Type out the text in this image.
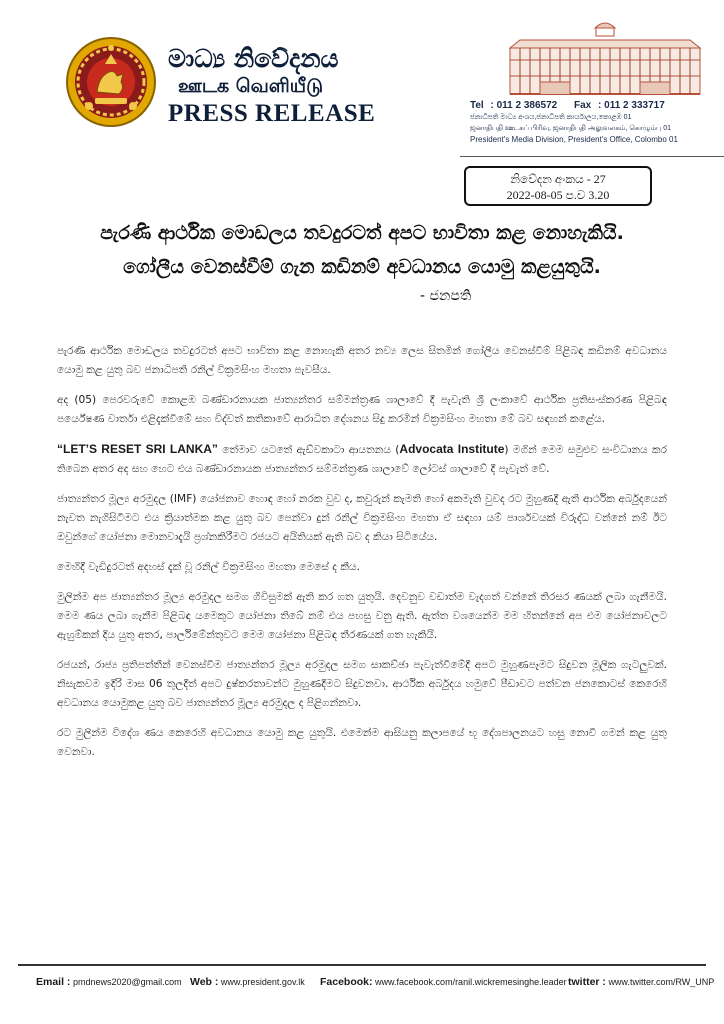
මාධ්‍ය නිවේදනය
ஊடக வெளியீடு
PRESS RELEASE	Tel : 011 2 386572 Fax : 011 2 333717
ජනාධිපති මාධ්‍ය අංශය,ජනාධිපති කාර්යාලය,කොළඹ 01
ஜனாதிபதி ஊடகப் பிரிவு, ஜனாதிபதி அலுவலகம், கொழும்பு 01
President's Media Division, President's Office, Colombo 01
නිවේදන අංකය - 27
2022-08-05 ප.ව 3.20
පැරණි ආර්ථික මොඩලය තවදුරටත් අපට භාවිතා කළ නොහැකියි.
ගෝලීය වෙනස්වීම් ගැන කඩිනම් අවධානය යොමු කළයුතුයි.
- ජනපති

පැරණි ආර්ථික මොඩලය තවදුරටත් අපට භාවිතා කළ නොහැකි අතර නව්‍ය ලෙස සිතමින් ගෝලීය වෙනස්වීම් පිළිබඳ කඩිනම් අවධානය යොමු කළ යුතු බව ජනාධිපති රනිල් වික්‍රමසිංහ මහතා පැවසීය.

අද (05) පෙරවරුවේ කොළඹ බණ්ඩාරනායක ජාත්‍යන්තර සම්මන්ත්‍රණ ශාලාවේ දී පැවැති ශ්‍රී ලංකාවේ ආර්ථික ප්‍රතිසංස්කරණ පිළිබඳ පර්යේෂණ වාර්තා එළිදැක්වීමේ සහ විද්වත් කතිකාවේ ආරාධිත දේශනය සිදු කරමින් වික්‍රමසිංහ මහතා මේ බව සඳහන් කළේය.

“LET’S RESET SRI LANKA” තේමාව යටතේ ඇඩ්වකාටා ආයතනය (Advocata Institute) මගින් මෙම සමුළුව සංවිධානය කර තිබෙන අතර අද සහ හෙට එය බණ්ඩාරනායක ජාත්‍යන්තර සම්මන්ත්‍රණ ශාලාවේ ලෝටස් ශාලාවේ දී පැවැත් වේ.

ජාත්‍යන්තර මූල්‍ය අරමුදල (IMF) යෝජනාව හොඳ හෝ නරක වුව ද, කවුරුන් කැමති හෝ අකමැති වුවද රට මුහුණදී ඇති ආර්ථික අර්බුදයෙන් නැවත නැගිසිටීමට එය ක්‍රියාත්මක කළ යුතු බව පෙන්වා දුන් රනිල් වික්‍රමසිංහ මහතා ඒ සඳහා යම් පාර්ශවයක් විරුද්ධ වන්නේ නම් ඊට ඔවුන්ගේ යෝජනා මොනවාදැයි ප්‍රශ්නකිරීමට රජයට අයිතියක් ඇති බව ද කියා සිටියේය.

මෙහිදී වැඩිදුරටත් අදහස් දැක් වූ රනිල් වික්‍රමසිංහ මහතා මෙසේ ද කීය.

මුලින්ම අප ජාත්‍යන්තර මූල්‍ය අරමුදල සමග ගිවිසුමක් ඇති කර ගත යුතුයි. දෙවනුව වඩාත්ම වැදගත් වන්නේ තිරසර ණයක් ලබා ගැනීමයි. මෙම ණය ලබා ගැනීම පිළිබඳ යමෙකුට යෝජනා තිබේ නම් එය පහසු වනු ඇති. ඇත්ත වශයෙන්ම මම හිතන්නේ අප එම යෝජනාවලට ඇහුම්කන් දිය යුතු අතර, පාර්ලිමේන්තුවට මෙම යෝජනා පිළිබඳ තීරණයක් ගත හැකියි.

රජයන්, රාජ්‍ය ප්‍රතිපත්තීන් වෙනස්වීම ජාත්‍යන්තර මූල්‍ය අරමුදල සමග සාකච්ඡා පැවැත්වීමේදී අපට මුහුණපෑමට සිදුවන මූලික ගැටලුවක්. නිසැකවම ඉදිරි මාස 06 තුලදීත් අපට දුෂ්කරතාවන්ට මුහුණදීමට සිදුවනවා. ආර්ථික අර්බුදය හමුවේ පීඩාවට පත්වන ජනකොටස් කෙරෙහි අවධානය යොමුකළ යුතු බව ජාත්‍යන්තර මූල්‍ය අරමුදල ද පිළිගන්නවා.

රට මුලින්ම විදේශ ණය කෙරෙහි අවධානය යොමු කළ යුතුයි. එමෙන්ම ආසියනු කලාපයේ භූ දේශපාලනයට හසු නොවී ගමන් කළ යුතු වෙනවා.

Email : pmdnews2020@gmail.com Web : www.president.gov.lk Facebook: www.facebook.com/ranil.wickremesinghe.leader twitter : www.twitter.com/RW_UNP
